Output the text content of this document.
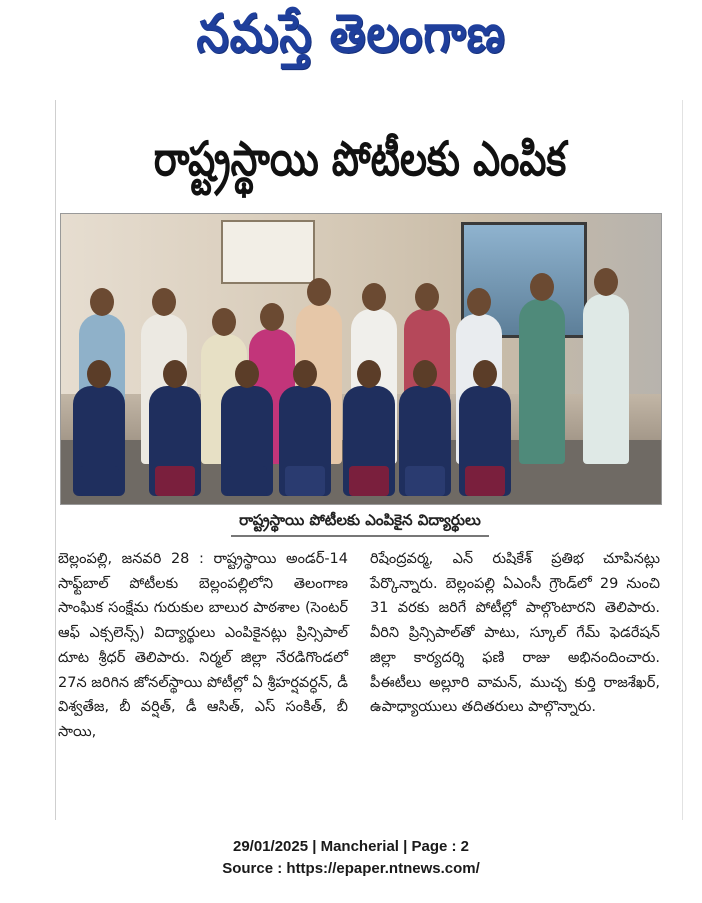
నమస్తే తెలంగాణ
రాష్ట్రస్థాయి పోటీలకు ఎంపిక
రాష్ట్రస్థాయి పోటీలకు ఎంపికైన విద్యార్థులు

బెల్లంపల్లి, జనవరి 28 : రాష్ట్రస్థాయి అండర్-14 సాఫ్ట్‌బాల్ పోటీలకు బెల్లంపల్లిలోని తెలంగాణ సాంఘిక సంక్షేమ గురుకుల బాలుర పాఠశాల (సెంటర్ ఆఫ్ ఎక్సలెన్స్) విద్యార్థులు ఎంపికైనట్లు ప్రిన్సిపాల్ దూట శ్రీధర్ తెలిపారు. నిర్మల్ జిల్లా నేరడిగొండలో 27న జరిగిన జోనల్‌స్థాయి పోటీల్లో ఏ శ్రీహర్షవర్ధన్, డీ విశ్వతేజ, బీ వర్షిత్, డీ ఆసిత్, ఎస్ సంకిత్, బీ సాయి,

రిషేంద్రవర్మ, ఎన్ రుషికేశ్ ప్రతిభ చూపినట్లు పేర్కొన్నారు. బెల్లంపల్లి ఏఎంసీ గ్రౌండ్‌లో 29 నుంచి 31 వరకు జరిగే పోటీల్లో పాల్గొంటారని తెలిపారు. వీరిని ప్రిన్సిపాల్‌తో పాటు, స్కూల్ గేమ్ ఫెడరేషన్ జిల్లా కార్యదర్శి ఫణి రాజు అభినందించారు. పీఈటీలు అల్లూరి వామన్, ముచ్చ కుర్తి రాజశేఖర్, ఉపాధ్యాయులు తదితరులు పాల్గొన్నారు.

29/01/2025 | Mancherial | Page : 2
Source : https://epaper.ntnews.com/
